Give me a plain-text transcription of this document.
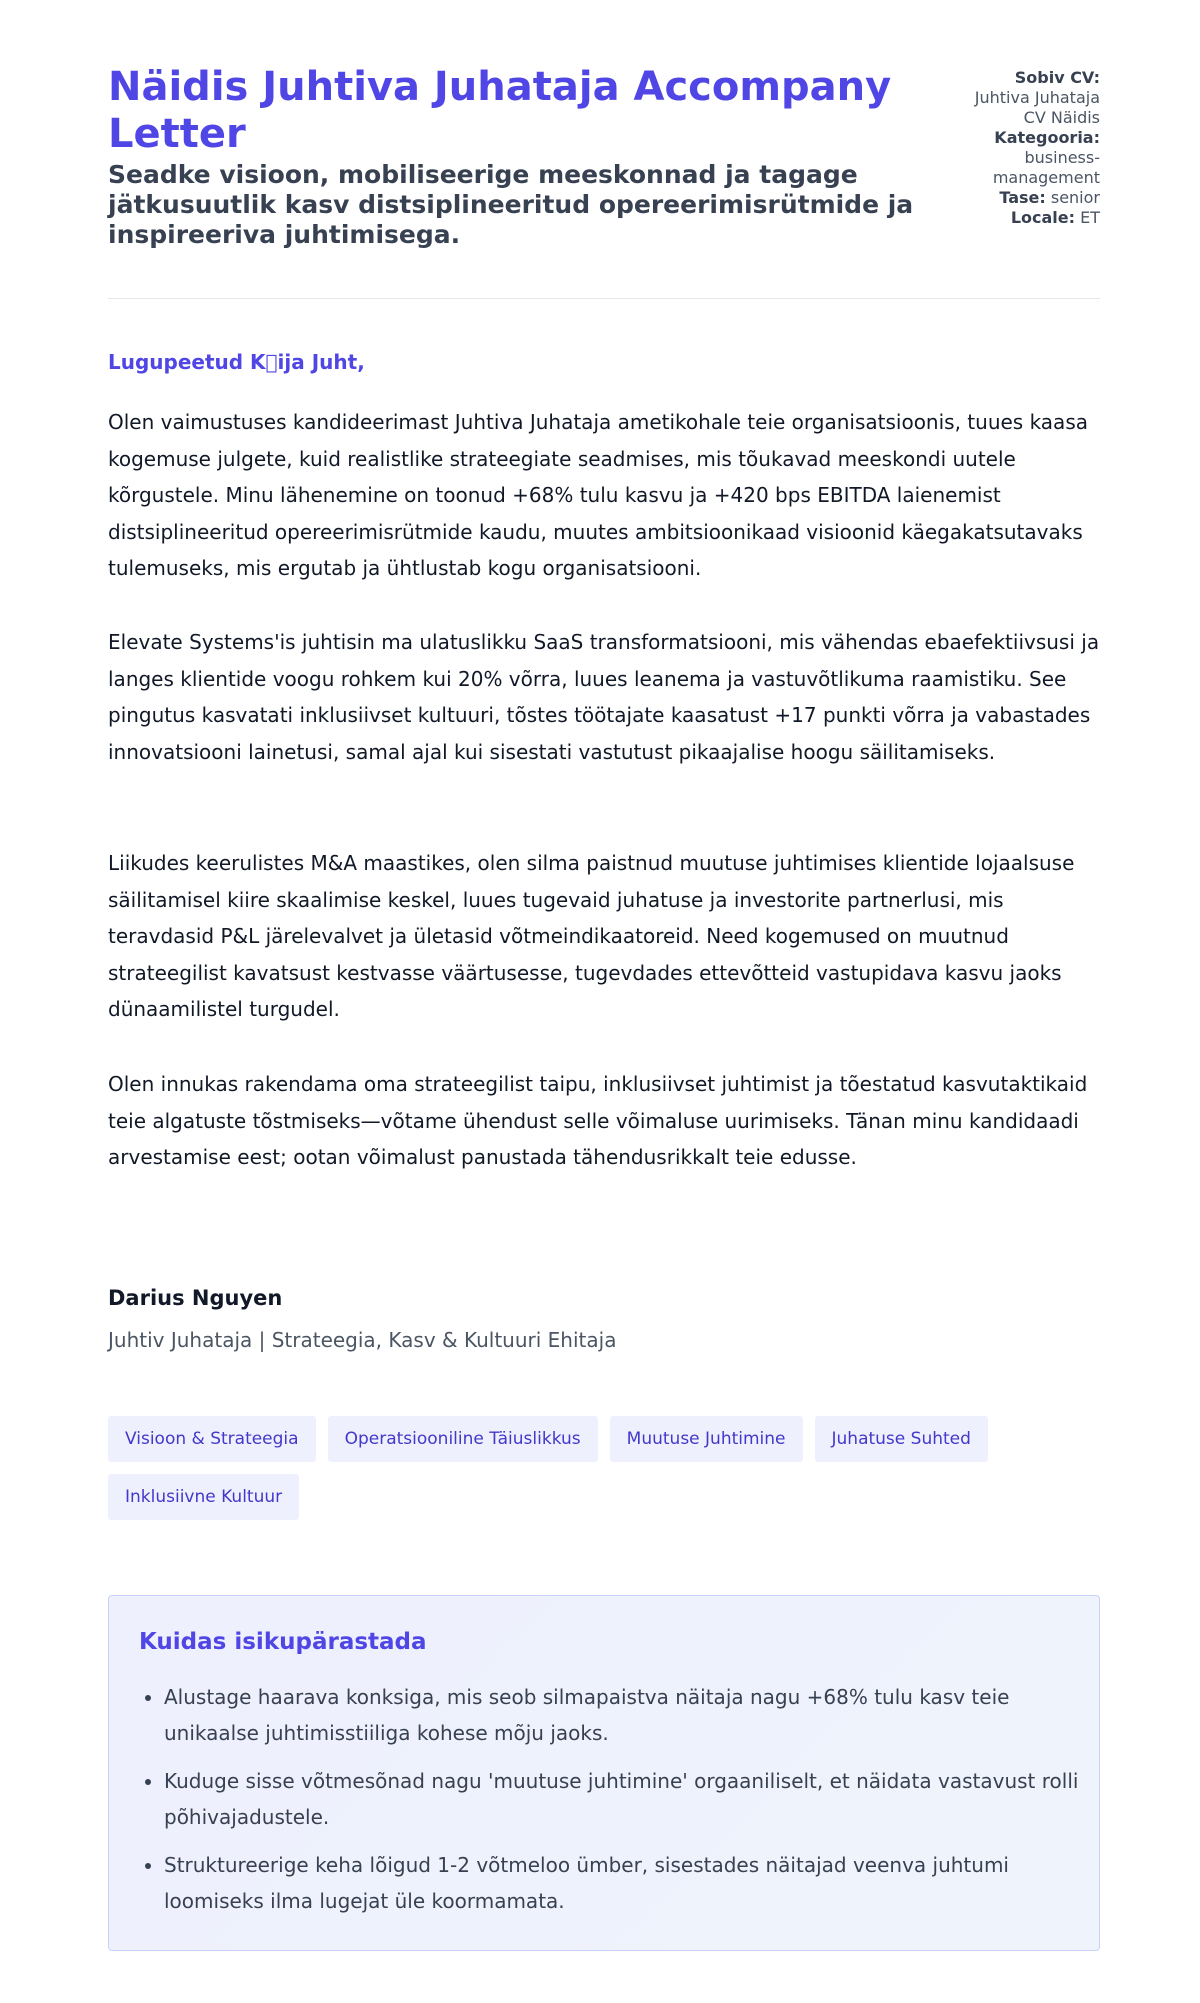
Näidis Juhtiva Juhataja Accompany Letter

Seadke visioon, mobiliseerige meeskonnad ja tagage jätkusuutlik kasv distsiplineeritud opereerimisrütmide ja inspireeriva juhtimisega.

Sobiv CV:

Juhtiva Juhataja CV Näidis

Kategooria:

business-management

Tase: senior

Locale: ET

Lugupeetud K ija Juht,

Olen vaimustuses kandideerimast Juhtiva Juhataja ametikohale teie organisatsioonis, tuues kaasa kogemuse julgete, kuid realistlike strateegiate seadmises, mis tõukavad meeskondi uutele kõrgustele. Minu lähenemine on toonud +68% tulu kasvu ja +420 bps EBITDA laienemist distsiplineeritud opereerimisrütmide kaudu, muutes ambitsioonikaad visioonid käegakatsutavaks tulemuseks, mis ergutab ja ühtlustab kogu organisatsiooni.

Elevate Systems'is juhtisin ma ulatuslikku SaaS transformatsiooni, mis vähendas ebaefektiivsusi ja langes klientide voogu rohkem kui 20% võrra, luues leanema ja vastuvõtlikuma raamistiku. See pingutus kasvatati inklusiivset kultuuri, tõstes töötajate kaasatust +17 punkti võrra ja vabastades innovatsiooni lainetusi, samal ajal kui sisestati vastutust pikaajalise hoogu säilitamiseks.

Liikudes keerulistes M&A maastikes, olen silma paistnud muutuse juhtimises klientide lojaalsuse säilitamisel kiire skaalimise keskel, luues tugevaid juhatuse ja investorite partnerlusi, mis teravdasid P&L järelevalvet ja ületasid võtmeindikaatoreid. Need kogemused on muutnud strateegilist kavatsust kestvasse väärtusesse, tugevdades ettevõtteid vastupidava kasvu jaoks dünaamilistel turgudel.

Olen innukas rakendama oma strateegilist taipu, inklusiivset juhtimist ja tõestatud kasvutaktikaid teie algatuste tõstmiseks—võtame ühendust selle võimaluse uurimiseks. Tänan minu kandidaadi arvestamise eest; ootan võimalust panustada tähendusrikkalt teie edusse.

Darius Nguyen

Juhtiv Juhataja | Strateegia, Kasv & Kultuuri Ehitaja

Visioon & Strateegia	Operatsiooniline Täiuslikkus	Muutuse Juhtimine	Juhatuse Suhted
Inklusiivne Kultuur
Kuidas isikupärastada
• Alustage haarava konksiga, mis seob silmapaistva näitaja nagu +68% tulu kasv teie unikaalse juhtimisstiiliga kohese mõju jaoks.
• Kuduge sisse võtmesõnad nagu 'muutuse juhtimine' orgaaniliselt, et näidata vastavust rolli põhivajadustele.
• Struktureerige keha lõigud 1-2 võtmeloo ümber, sisestades näitajad veenva juhtumi loomiseks ilma lugejat üle koormamata.
